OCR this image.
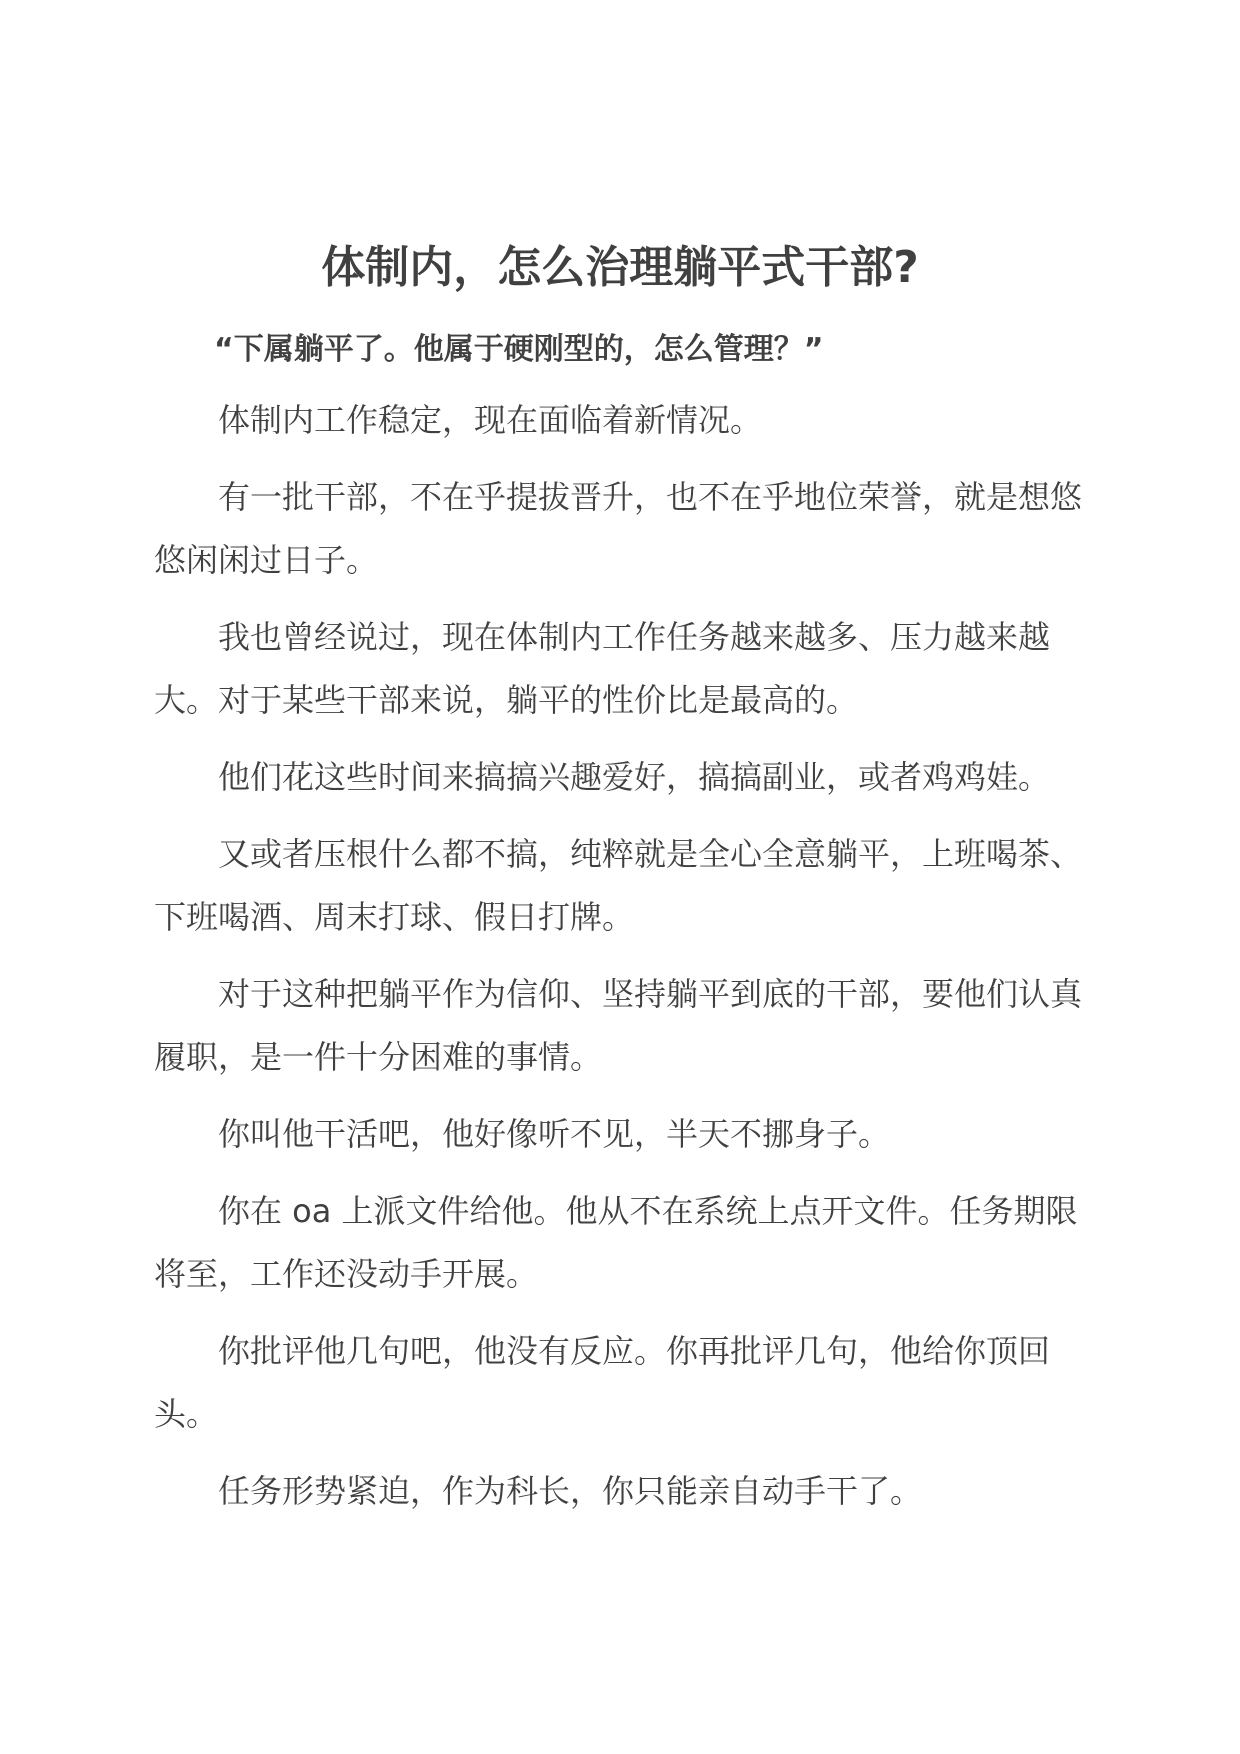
体制内，怎么治理躺平式干部?

“下属躺平了。他属于硬刚型的，怎么管理？”

体制内工作稳定，现在面临着新情况。

有一批干部，不在乎提拔晋升，也不在乎地位荣誉，就是想悠悠闲闲过日子。

我也曾经说过，现在体制内工作任务越来越多、压力越来越大。对于某些干部来说，躺平的性价比是最高的。

他们花这些时间来搞搞兴趣爱好，搞搞副业，或者鸡鸡娃。

又或者压根什么都不搞，纯粹就是全心全意躺平，上班喝茶、下班喝酒、周末打球、假日打牌。

对于这种把躺平作为信仰、坚持躺平到底的干部，要他们认真履职，是一件十分困难的事情。

你叫他干活吧，他好像听不见，半天不挪身子。

你在 oa 上派文件给他。他从不在系统上点开文件。任务期限将至，工作还没动手开展。

你批评他几句吧，他没有反应。你再批评几句，他给你顶回头。

任务形势紧迫，作为科长，你只能亲自动手干了。
